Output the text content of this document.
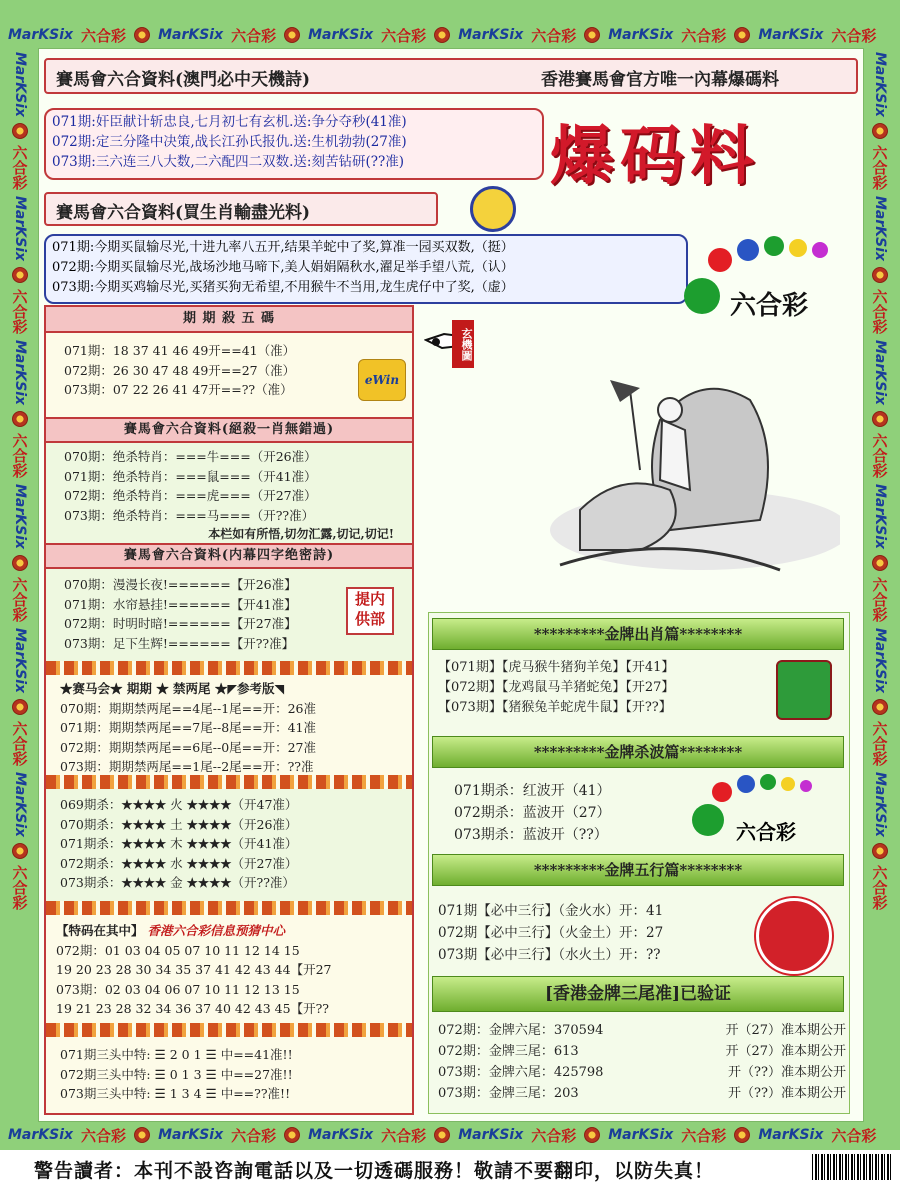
MarKSix 六合彩 MarKSix 六合彩 MarKSix 六合彩 MarKSix 六合彩 MarKSix 六合彩 MarKSix 六合彩
MarKSix 六合彩 MarKSix 六合彩 MarKSix 六合彩 MarKSix 六合彩 MarKSix 六合彩 MarKSix 六合彩
MarKSix
六合彩
MarKSix
六合彩
MarKSix
六合彩
MarKSix
六合彩
MarKSix
六合彩
MarKSix
六合彩
MarKSix
六合彩
MarKSix
六合彩
MarKSix
六合彩
MarKSix
六合彩
MarKSix
六合彩
MarKSix
六合彩
賽馬會六合資料(澳門必中天機詩)	香港賽馬會官方唯一內幕爆碼料
071期:奸臣献计斩忠良,七月初七有玄机.送:争分夺秒(41准)
072期:定三分隆中决策,战长江孙氏报仇.送:生机勃勃(27准)
073期:三六连三八大数,二六配四二双数.送:刻苦钻研(??准)	爆码料
賽馬會六合資料(買生肖輸盡光料)
071期:今期买鼠输尽光,十进九率八五开,结果羊蛇中了奖,算准一园买双数,（挺）
072期:今期买鼠输尽光,战场沙地马啼下,美人娟娟隔秋水,濯足举手望八荒,（认）
073期:今期买鸡输尽光,买猪买狗无希望,不用猴牛不当用,龙生虎仔中了奖,（虚）
六合彩
期 期 殺 五 碼
071期：18 37 41 46 49开==41（准）
072期：26 30 47 48 49开==27（准）
073期：07 22 26 41 47开==??（准）
eWin
賽馬會六合資料(絕殺一肖無錯過)
070期：绝杀特肖：===牛===（开26准）
071期：绝杀特肖：===鼠===（开41准）
072期：绝杀特肖：===虎===（开27准）
073期：绝杀特肖：===马===（开??准）
本栏如有所悟,切勿汇露,切记,切记!
賽馬會六合資料(内幕四字绝密詩)
070期：漫漫长夜!======【开26准】
071期：水帘悬挂!======【开41准】
072期：时明时暗!======【开27准】
073期：足下生辉!======【开??准】
提内供部
★赛马会★ 期期 ★ 禁两尾 ★◤参考版◥
070期：期期禁两尾==4尾--1尾==开：26准
071期：期期禁两尾==7尾--8尾==开：41准
072期：期期禁两尾==6尾--0尾==开：27准
073期：期期禁两尾==1尾--2尾==开：??准
069期杀：★★★★ 火 ★★★★（开47准）
070期杀：★★★★ 土 ★★★★（开26准）
071期杀：★★★★ 木 ★★★★（开41准）
072期杀：★★★★ 水 ★★★★（开27准）
073期杀：★★★★ 金 ★★★★（开??准）
【特码在其中】 香港六合彩信息预猜中心
072期：01 03 04 05 07 10 11 12 14 15
19 20 23 28 30 34 35 37 41 42 43 44【开27
073期：02 03 04 06 07 10 11 12 13 15
19 21 23 28 32 34 36 37 40 42 43 45【开??
071期三头中特: ☰ 2 0 1 ☰ 中==41准!!
072期三头中特: ☰ 0 1 3 ☰ 中==27准!!
073期三头中特: ☰ 1 3 4 ☰ 中==??准!!
玄機圖
*********金牌出肖篇********
【071期】【虎马猴牛猪狗羊兔】【开41】
【072期】【龙鸡鼠马羊猪蛇兔】【开27】
【073期】【猪猴兔羊蛇虎牛鼠】【开??】
*********金牌杀波篇********
071期杀：红波开（41）
072期杀：蓝波开（27）
073期杀：蓝波开（??）	六合彩
*********金牌五行篇********
071期【必中三行】（金火水）开：41
072期【必中三行】（火金土）开：27
073期【必中三行】（水火土）开：??
[香港金牌三尾准]已验证
072期：金牌六尾：370594	开（27）准本期公开
072期：金牌三尾：613	开（27）准本期公开
073期：金牌六尾：425798	开（??）准本期公开
073期：金牌三尾：203	开（??）准本期公开
警告讀者：本刊不設咨詢電話以及一切透碼服務！敬請不要翻印，以防失真！
